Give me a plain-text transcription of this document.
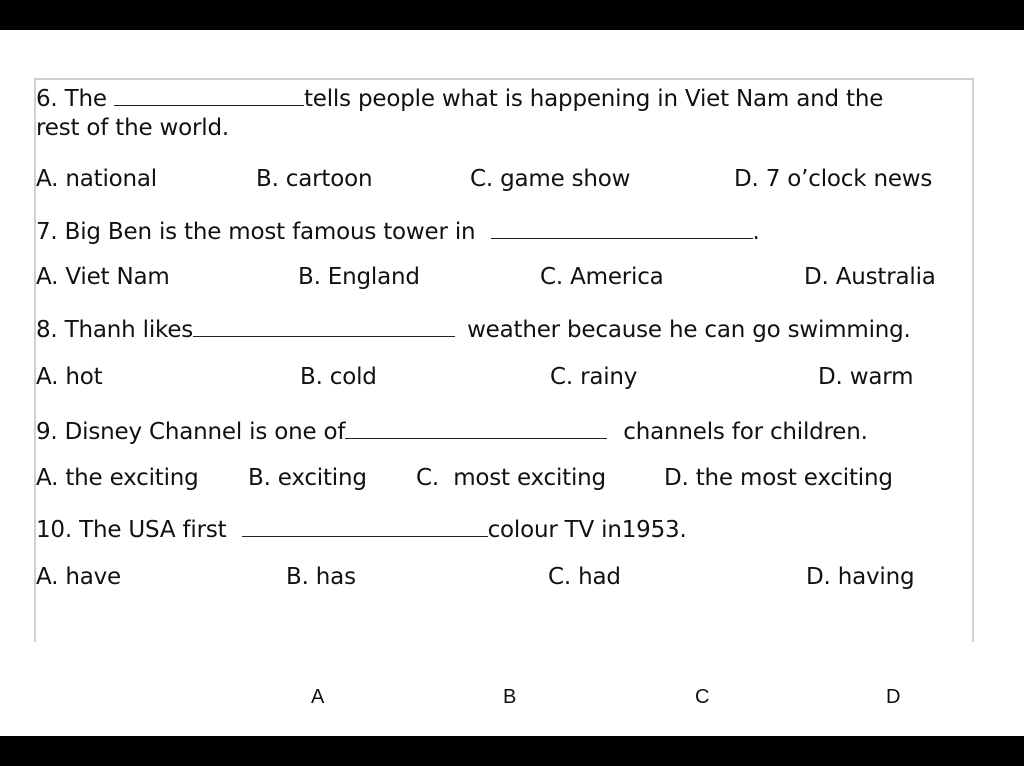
6. The	tells people what is happening in Viet Nam and the
rest of the world.
A. national	B. cartoon	C. game show	D. 7 o’clock news
7. Big Ben is the most famous tower in	.
A. Viet Nam	B. England	C. America	D. Australia
8. Thanh likes	weather because he can go swimming.
A. hot	B. cold	C. rainy	D. warm
9. Disney Channel is one of	channels for children.
A. the exciting B. exciting C.  most exciting	D. the most exciting
10. The USA first	colour TV in1953.
A. have	B. has	C. had	D. having
A	B	C	D
